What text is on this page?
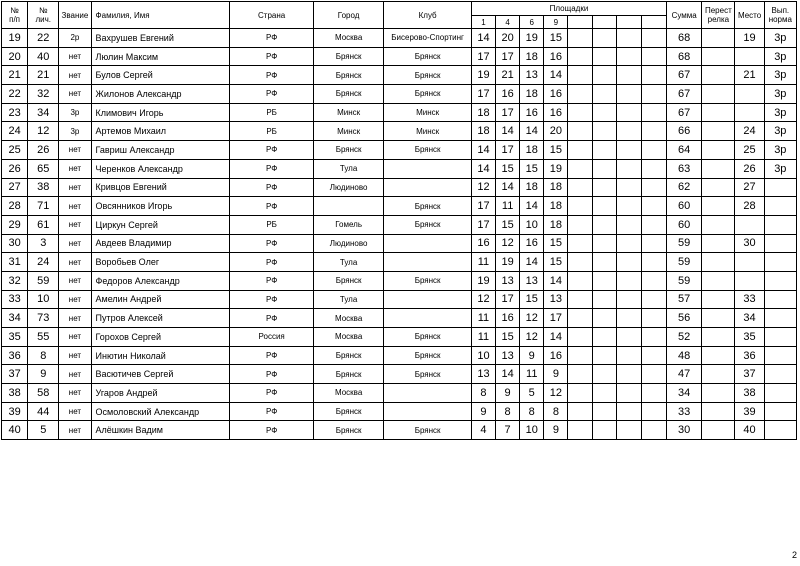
№
п/п	№
лич.	Звание	Фамилия, Имя	Страна	Город	Клуб	Площадки								Сумма	Перест релка	Место	Вып. норма
							1	4	6	9								
19	22	2р	Вахрушев Евгений	РФ	Москва	Бисерово-Спортинг	14	20	19	15					68		19	3р
20	40	нет	Люлин Максим	РФ	Брянск	Брянск	17	17	18	16					68			3р
21	21	нет	Булов Сергей	РФ	Брянск	Брянск	19	21	13	14					67		21	3р
22	32	нет	Жилонов Александр	РФ	Брянск	Брянск	17	16	18	16					67			3р
23	34	3р	Климович Игорь	РБ	Минск	Минск	18	17	16	16					67			3р
24	12	3р	Артемов Михаил	РБ	Минск	Минск	18	14	14	20					66		24	3р
25	26	нет	Гавриш Александр	РФ	Брянск	Брянск	14	17	18	15					64		25	3р
26	65	нет	Черенков Александр	РФ	Тула		14	15	15	19					63		26	3р
27	38	нет	Кривцов Евгений	РФ	Людиново		12	14	18	18					62		27	
28	71	нет	Овсянников Игорь	РФ		Брянск	17	11	14	18					60		28	
29	61	нет	Циркун Сергей	РБ	Гомель	Брянск	17	15	10	18					60			
30	3	нет	Авдеев Владимир	РФ	Людиново		16	12	16	15					59		30	
31	24	нет	Воробьев Олег	РФ	Тула		11	19	14	15					59			
32	59	нет	Федоров Александр	РФ	Брянск	Брянск	19	13	13	14					59			
33	10	нет	Амелин Андрей	РФ	Тула		12	17	15	13					57		33	
34	73	нет	Путров Алексей	РФ	Москва		11	16	12	17					56		34	
35	55	нет	Горохов Сергей	Россия	Москва	Брянск	11	15	12	14					52		35	
36	8	нет	Инютин Николай	РФ	Брянск	Брянск	10	13	9	16					48		36	
37	9	нет	Васютичев Сергей	РФ	Брянск	Брянск	13	14	11	9					47		37	
38	58	нет	Угаров Андрей	РФ	Москва		8	9	5	12					34		38	
39	44	нет	Осмоловский Александр	РФ	Брянск		9	8	8	8					33		39	
40	5	нет	Алёшкин Вадим	РФ	Брянск	Брянск	4	7	10	9					30		40	
2
